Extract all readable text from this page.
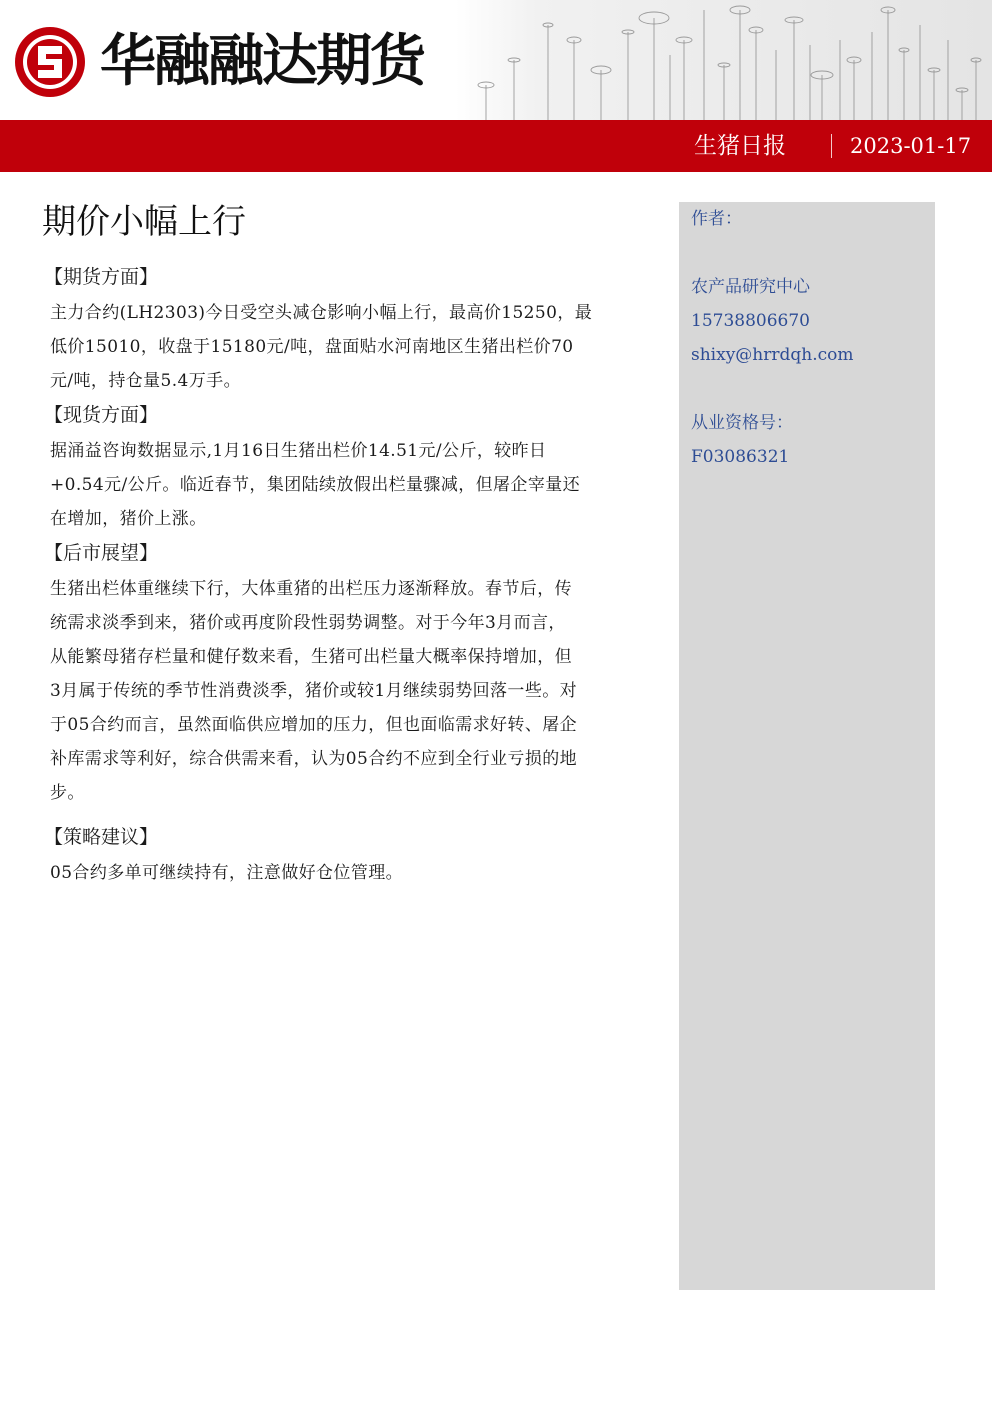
华融融达期货
生猪日报	2023-01-17
期价小幅上行
【期货方面】

主力合约(LH2303)今日受空头减仓影响小幅上行，最高价15250，最

低价15010，收盘于15180元/吨，盘面贴水河南地区生猪出栏价70

元/吨，持仓量5.4万手。

【现货方面】

据涌益咨询数据显示,1月16日生猪出栏价14.51元/公斤，较昨日

+0.54元/公斤。临近春节，集团陆续放假出栏量骤减，但屠企宰量还

在增加，猪价上涨。

【后市展望】

生猪出栏体重继续下行，大体重猪的出栏压力逐渐释放。春节后，传

统需求淡季到来，猪价或再度阶段性弱势调整。对于今年3月而言，

从能繁母猪存栏量和健仔数来看，生猪可出栏量大概率保持增加，但

3月属于传统的季节性消费淡季，猪价或较1月继续弱势回落一些。对

于05合约而言，虽然面临供应增加的压力，但也面临需求好转、屠企

补库需求等利好，综合供需来看，认为05合约不应到全行业亏损的地

步。

【策略建议】

05合约多单可继续持有，注意做好仓位管理。

作者：
农产品研究中心
15738806670
shixy@hrrdqh.com
从业资格号：
F03086321
